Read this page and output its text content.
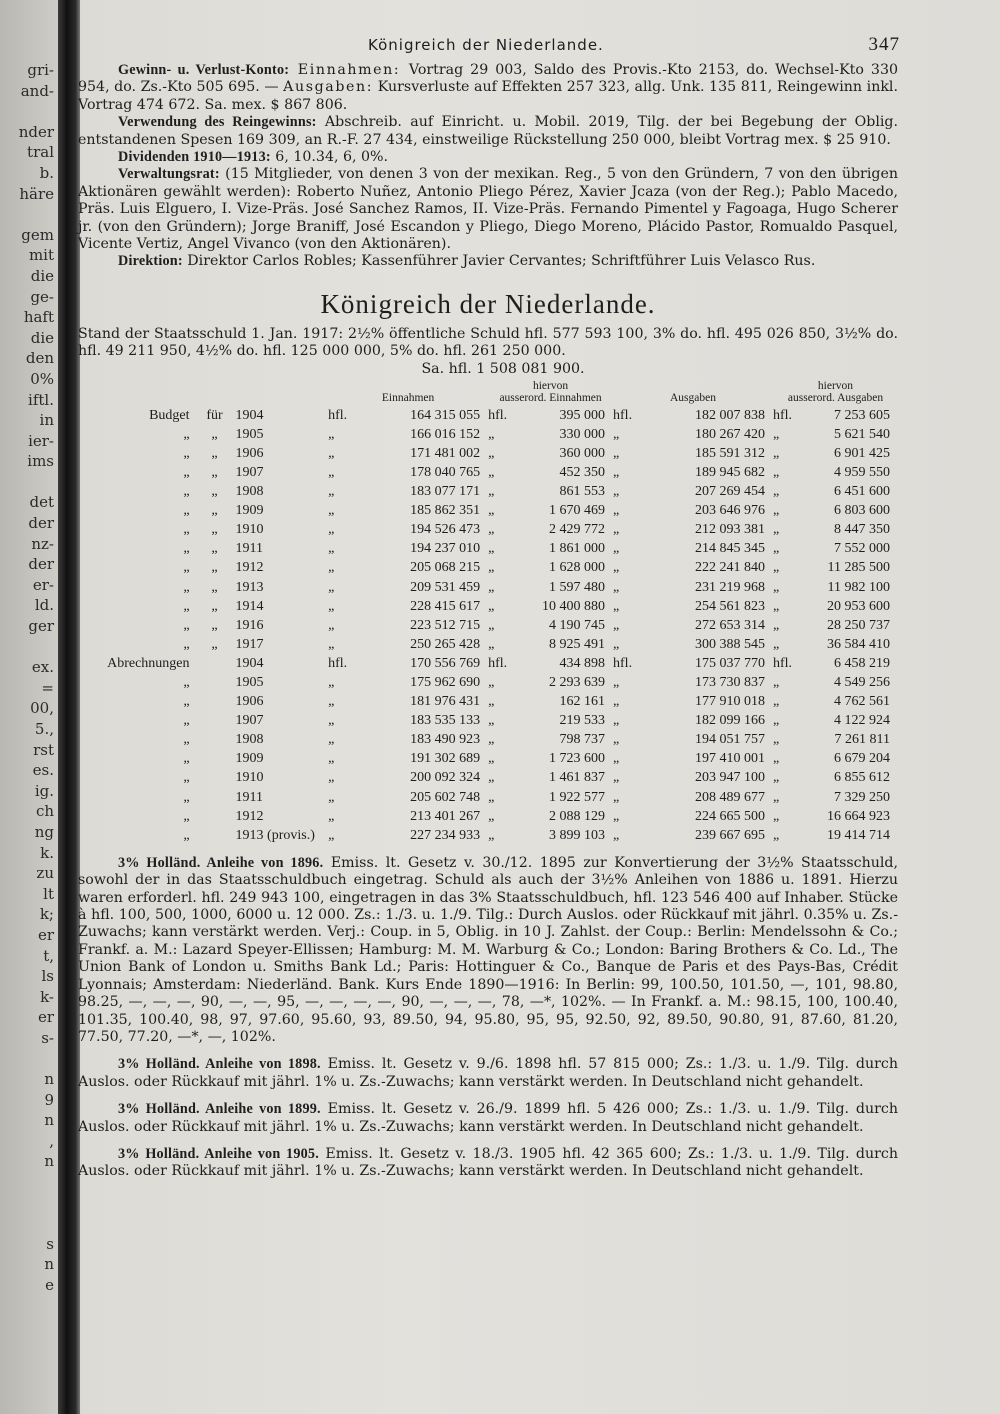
gri-
and-
nder
tral
b.
häre
gem
mit
die
ge-
haft
die
den
0%
iftl.
in
ier-
ims
det
der
nz-
der
er-
ld.
ger
ex.
=
00,
5.,
rst
es.
ig.
ch
ng
k.
zu
lt
k;
er
t,
ls
k-
er
s-
n
9
n
,
n
s
n
e
Königreich der Niederlande.	347

Gewinn- u. Verlust-Konto: Einnahmen: Vortrag 29 003, Saldo des Provis.-Kto 2153, do. Wechsel-Kto 330 954, do. Zs.-Kto 505 695. — Ausgaben: Kursverluste auf Effekten 257 323, allg. Unk. 135 811, Reingewinn inkl. Vortrag 474 672. Sa. mex. $ 867 806.

Verwendung des Reingewinns: Abschreib. auf Einricht. u. Mobil. 2019, Tilg. der bei Begebung der Oblig. entstandenen Spesen 169 309, an R.-F. 27 434, einstweilige Rückstellung 250 000, bleibt Vortrag mex. $ 25 910.

Dividenden 1910—1913: 6, 10.34, 6, 0%.

Verwaltungsrat: (15 Mitglieder, von denen 3 von der mexikan. Reg., 5 von den Gründern, 7 von den übrigen Aktionären gewählt werden): Roberto Nuñez, Antonio Pliego Pérez, Xavier Jcaza (von der Reg.); Pablo Macedo, Präs. Luis Elguero, I. Vize-Präs. José Sanchez Ramos, II. Vize-Präs. Fernando Pimentel y Fagoaga, Hugo Scherer jr. (von den Gründern); Jorge Braniff, José Escandon y Pliego, Diego Moreno, Plácido Pastor, Romualdo Pasquel, Vicente Vertiz, Angel Vivanco (von den Aktionären).

Direktion: Direktor Carlos Robles; Kassenführer Javier Cervantes; Schriftführer Luis Velasco Rus.

Königreich der Niederlande.

Stand der Staatsschuld 1. Jan. 1917: 2½% öffentliche Schuld hfl. 577 593 100, 3% do. hfl. 495 026 850, 3½% do. hfl. 49 211 950, 4½% do. hfl. 125 000 000, 5% do. hfl. 261 250 000.

Sa. hfl. 1 508 081 900.
			Einnahmen		hiervon
ausserord. Einnahmen		Ausgaben		hiervon
ausserord. Ausgaben	
Budget	für	1904	hfl.	164 315 055	hfl.	395 000	hfl.	182 007 838	hfl.	7 253 605
„	„	1905	„	166 016 152	„	330 000	„	180 267 420	„	5 621 540
„	„	1906	„	171 481 002	„	360 000	„	185 591 312	„	6 901 425
„	„	1907	„	178 040 765	„	452 350	„	189 945 682	„	4 959 550
„	„	1908	„	183 077 171	„	861 553	„	207 269 454	„	6 451 600
„	„	1909	„	185 862 351	„	1 670 469	„	203 646 976	„	6 803 600
„	„	1910	„	194 526 473	„	2 429 772	„	212 093 381	„	8 447 350
„	„	1911	„	194 237 010	„	1 861 000	„	214 845 345	„	7 552 000
„	„	1912	„	205 068 215	„	1 628 000	„	222 241 840	„	11 285 500
„	„	1913	„	209 531 459	„	1 597 480	„	231 219 968	„	11 982 100
„	„	1914	„	228 415 617	„	10 400 880	„	254 561 823	„	20 953 600
„	„	1916	„	223 512 715	„	4 190 745	„	272 653 314	„	28 250 737
„	„	1917	„	250 265 428	„	8 925 491	„	300 388 545	„	36 584 410
Abrechnungen		1904	hfl.	170 556 769	hfl.	434 898	hfl.	175 037 770	hfl.	6 458 219
„		1905	„	175 962 690	„	2 293 639	„	173 730 837	„	4 549 256
„		1906	„	181 976 431	„	162 161	„	177 910 018	„	4 762 561
„		1907	„	183 535 133	„	219 533	„	182 099 166	„	4 122 924
„		1908	„	183 490 923	„	798 737	„	194 051 757	„	7 261 811
„		1909	„	191 302 689	„	1 723 600	„	197 410 001	„	6 679 204
„		1910	„	200 092 324	„	1 461 837	„	203 947 100	„	6 855 612
„		1911	„	205 602 748	„	1 922 577	„	208 489 677	„	7 329 250
„		1912	„	213 401 267	„	2 088 129	„	224 665 500	„	16 664 923
„		1913 (provis.)	„	227 234 933	„	3 899 103	„	239 667 695	„	19 414 714

3% Holländ. Anleihe von 1896. Emiss. lt. Gesetz v. 30./12. 1895 zur Konvertierung der 3½% Staatsschuld, sowohl der in das Staatsschuldbuch eingetrag. Schuld als auch der 3½% Anleihen von 1886 u. 1891. Hierzu waren erforderl. hfl. 249 943 100, eingetragen in das 3% Staatsschuldbuch, hfl. 123 546 400 auf Inhaber. Stücke à hfl. 100, 500, 1000, 6000 u. 12 000. Zs.: 1./3. u. 1./9. Tilg.: Durch Auslos. oder Rückkauf mit jährl. 0.35% u. Zs.-Zuwachs; kann verstärkt werden. Verj.: Coup. in 5, Oblig. in 10 J. Zahlst. der Coup.: Berlin: Mendelssohn & Co.; Frankf. a. M.: Lazard Speyer-Ellissen; Hamburg: M. M. Warburg & Co.; London: Baring Brothers & Co. Ld., The Union Bank of London u. Smiths Bank Ld.; Paris: Hottinguer & Co., Banque de Paris et des Pays-Bas, Crédit Lyonnais; Amsterdam: Niederländ. Bank. Kurs Ende 1890—1916: In Berlin: 99, 100.50, 101.50, —, 101, 98.80, 98.25, —, —, —, 90, —, —, 95, —, —, —, —, 90, —, —, —, 78, —*, 102%. — In Frankf. a. M.: 98.15, 100, 100.40, 101.35, 100.40, 98, 97, 97.60, 95.60, 93, 89.50, 94, 95.80, 95, 95, 92.50, 92, 89.50, 90.80, 91, 87.60, 81.20, 77.50, 77.20, —*, —, 102%.

3% Holländ. Anleihe von 1898. Emiss. lt. Gesetz v. 9./6. 1898 hfl. 57 815 000; Zs.: 1./3. u. 1./9. Tilg. durch Auslos. oder Rückkauf mit jährl. 1% u. Zs.-Zuwachs; kann verstärkt werden. In Deutschland nicht gehandelt.

3% Holländ. Anleihe von 1899. Emiss. lt. Gesetz v. 26./9. 1899 hfl. 5 426 000; Zs.: 1./3. u. 1./9. Tilg. durch Auslos. oder Rückkauf mit jährl. 1% u. Zs.-Zuwachs; kann verstärkt werden. In Deutschland nicht gehandelt.

3% Holländ. Anleihe von 1905. Emiss. lt. Gesetz v. 18./3. 1905 hfl. 42 365 600; Zs.: 1./3. u. 1./9. Tilg. durch Auslos. oder Rückkauf mit jährl. 1% u. Zs.-Zuwachs; kann verstärkt werden. In Deutschland nicht gehandelt.
